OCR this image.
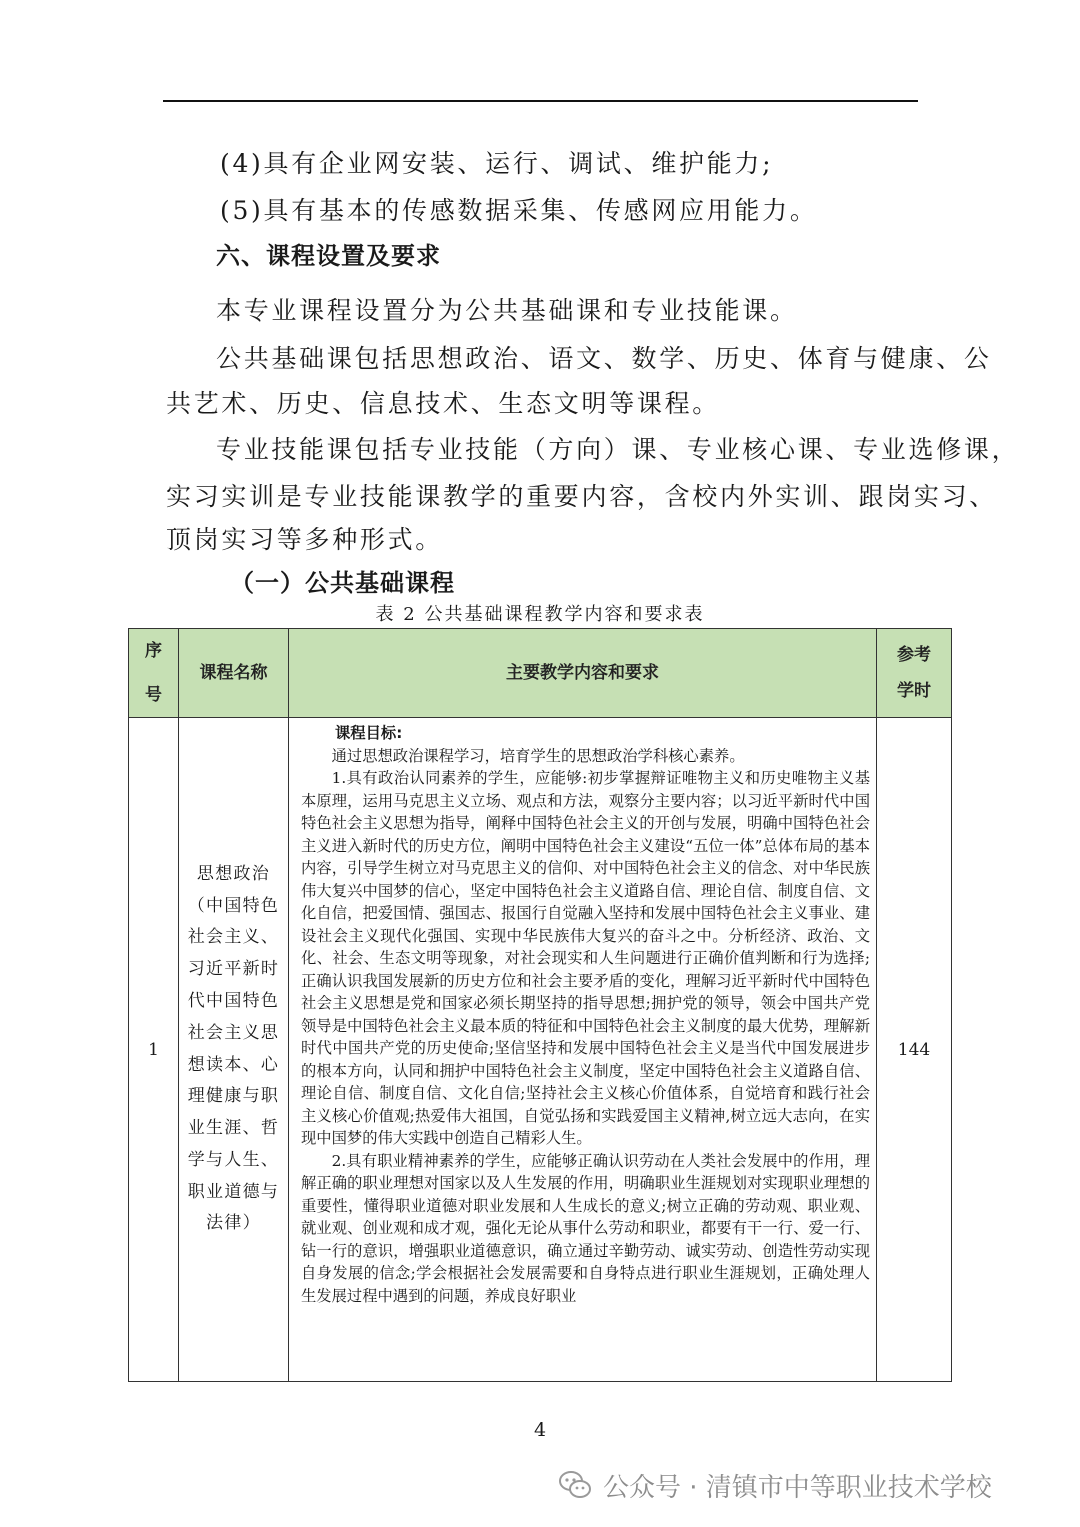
(4)具有企业网安装、运行、调试、维护能力;
(5)具有基本的传感数据采集、传感网应用能力。
六、课程设置及要求
本专业课程设置分为公共基础课和专业技能课。
公共基础课包括思想政治、语文、数学、历史、体育与健康、公
共艺术、历史、信息技术、生态文明等课程。
专业技能课包括专业技能（方向）课、专业核心课、专业选修课，
实习实训是专业技能课教学的重要内容，含校内外实训、跟岗实习、
顶岗实习等多种形式。
（一）公共基础课程
表 2 公共基础课程教学内容和要求表
序号	课程名称	主要教学内容和要求	参考学时

1	思想政治（中国特色社会主义、习近平新时代中国特色社会主义思想读本、心理健康与职业生涯、哲学与人生、职业道德与法律）	课程目标:
通过思想政治课程学习，培育学生的思想政治学科核心素养。
1.具有政治认同素养的学生，应能够:初步掌握辩证唯物主义和历史唯物主义基本原理，运用马克思主义立场、观点和方法，观察分主要内容；以习近平新时代中国特色社会主义思想为指导，阐释中国特色社会主义的开创与发展，明确中国特色社会主义进入新时代的历史方位，阐明中国特色社会主义建设“五位一体”总体布局的基本内容，引导学生树立对马克思主义的信仰、对中国特色社会主义的信念、对中华民族伟大复兴中国梦的信心，坚定中国特色社会主义道路自信、理论自信、制度自信、文化自信，把爱国情、强国志、报国行自觉融入坚持和发展中国特色社会主义事业、建设社会主义现代化强国、实现中华民族伟大复兴的奋斗之中。分析经济、政治、文化、社会、生态文明等现象，对社会现实和人生问题进行正确价值判断和行为选择;正确认识我国发展新的历史方位和社会主要矛盾的变化，理解习近平新时代中国特色社会主义思想是党和国家必须长期坚持的指导思想;拥护党的领导，领会中国共产党领导是中国特色社会主义最本质的特征和中国特色社会主义制度的最大优势，理解新时代中国共产党的历史使命;坚信坚持和发展中国特色社会主义是当代中国发展进步的根本方向，认同和拥护中国特色社会主义制度，坚定中国特色社会主义道路自信、理论自信、制度自信、文化自信;坚持社会主义核心价值体系，自觉培育和践行社会主义核心价值观;热爱伟大祖国，自觉弘扬和实践爱国主义精神,树立远大志向，在实现中国梦的伟大实践中创造自己精彩人生。
2.具有职业精神素养的学生，应能够正确认识劳动在人类社会发展中的作用，理解正确的职业理想对国家以及人生发展的作用，明确职业生涯规划对实现职业理想的重要性，懂得职业道德对职业发展和人生成长的意义;树立正确的劳动观、职业观、就业观、创业观和成才观，强化无论从事什么劳动和职业，都要有干一行、爱一行、钻一行的意识，增强职业道德意识，确立通过辛勤劳动、诚实劳动、创造性劳动实现自身发展的信念;学会根据社会发展需要和自身特点进行职业生涯规划，正确处理人生发展过程中遇到的问题，养成良好职业	144
4
公众号 · 清镇市中等职业技术学校
